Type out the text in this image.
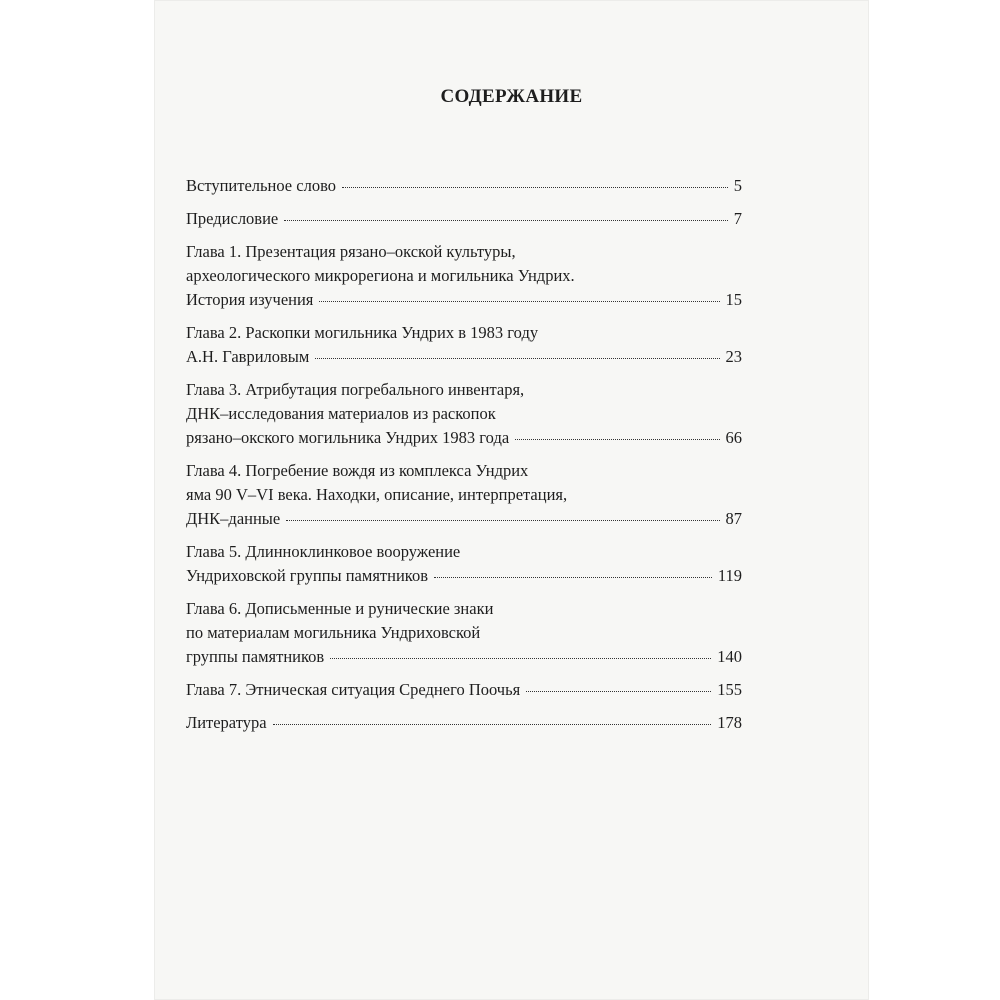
СОДЕРЖАНИЕ
Вступительное слово	5
Предисловие	7
Глава 1. Презентация рязано–окской культуры,
археологического микрорегиона и могильника Ундрих.
История изучения	15
Глава 2. Раскопки могильника Ундрих в 1983 году
А.Н. Гавриловым	23
Глава 3. Атрибутация погребального инвентаря,
ДНК–исследования материалов из раскопок
рязано–окского могильника Ундрих 1983 года	66
Глава 4. Погребение вождя из комплекса Ундрих
яма 90 V–VI века. Находки, описание, интерпретация,
ДНК–данные	87
Глава 5. Длинноклинковое вооружение
Ундриховской группы памятников	119
Глава 6. Дописьменные и рунические знаки
по материалам могильника Ундриховской
группы памятников	140
Глава 7. Этническая ситуация Среднего Поочья	155
Литература	178
